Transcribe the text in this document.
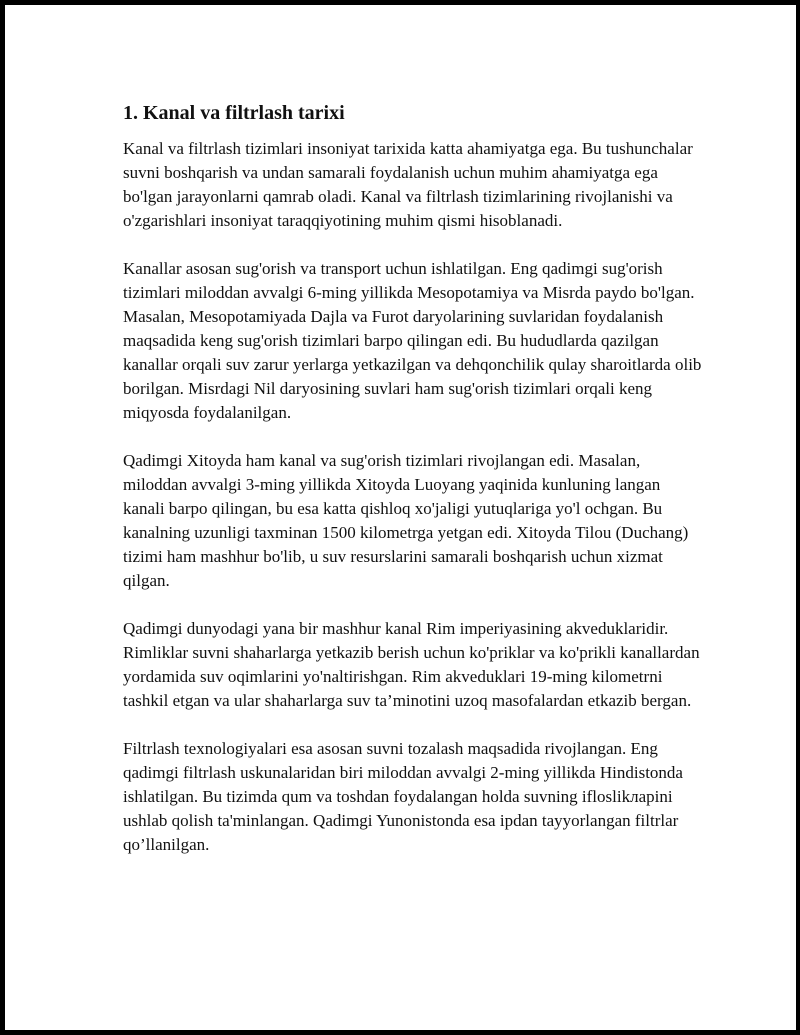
1. Kanal va filtrlash tarixi

Kanal va filtrlash tizimlari insoniyat tarixida katta ahamiyatga ega. Bu tushunchalar suvni boshqarish va undan samarali foydalanish uchun muhim ahamiyatga ega bo'lgan jarayonlarni qamrab oladi. Kanal va filtrlash tizimlarining rivojlanishi va o'zgarishlari insoniyat taraqqiyotining muhim qismi hisoblanadi.

Kanallar asosan sug'orish va transport uchun ishlatilgan. Eng qadimgi sug'orish tizimlari miloddan avvalgi 6-ming yillikda Mesopotamiya va Misrda paydo bo'lgan. Masalan, Mesopotamiyada Dajla va Furot daryolarining suvlaridan foydalanish maqsadida keng sug'orish tizimlari barpo qilingan edi. Bu hududlarda qazilgan kanallar orqali suv zarur yerlarga yetkazilgan va dehqonchilik qulay sharoitlarda olib borilgan. Misrdagi Nil daryosining suvlari ham sug'orish tizimlari orqali keng miqyosda foydalanilgan.

Qadimgi Xitoyda ham kanal va sug'orish tizimlari rivojlangan edi. Masalan, miloddan avvalgi 3-ming yillikda Xitoyda Luoyang yaqinida kunluning langan kanali barpo qilingan, bu esa katta qishloq xo'jaligi yutuqlariga yo'l ochgan. Bu kanalning uzunligi taxminan 1500 kilometrga yetgan edi. Xitoyda Tilou (Duchang) tizimi ham mashhur bo'lib, u suv resurslarini samarali boshqarish uchun xizmat qilgan.

Qadimgi dunyodagi yana bir mashhur kanal Rim imperiyasining akveduklaridir. Rimliklar suvni shaharlarga yetkazib berish uchun ko'priklar va ko'prikli kanallardan yordamida suv oqimlarini yo'naltirishgan. Rim akveduklari 19-ming kilometrni tashkil etgan va ular shaharlarga suv ta’minotini uzoq masofalardan etkazib bergan.

Filtrlash texnologiyalari esa asosan suvni tozalash maqsadida rivojlangan. Eng qadimgi filtrlash uskunalaridan biri miloddan avvalgi 2-ming yillikda Hindistonda ishlatilgan. Bu tizimda qum va toshdan foydalangan holda suvning ifloslikларini ushlab qolish ta'minlangan. Qadimgi Yunonistonda esa ipdan tayyorlangan filtrlar qo’llanilgan.
